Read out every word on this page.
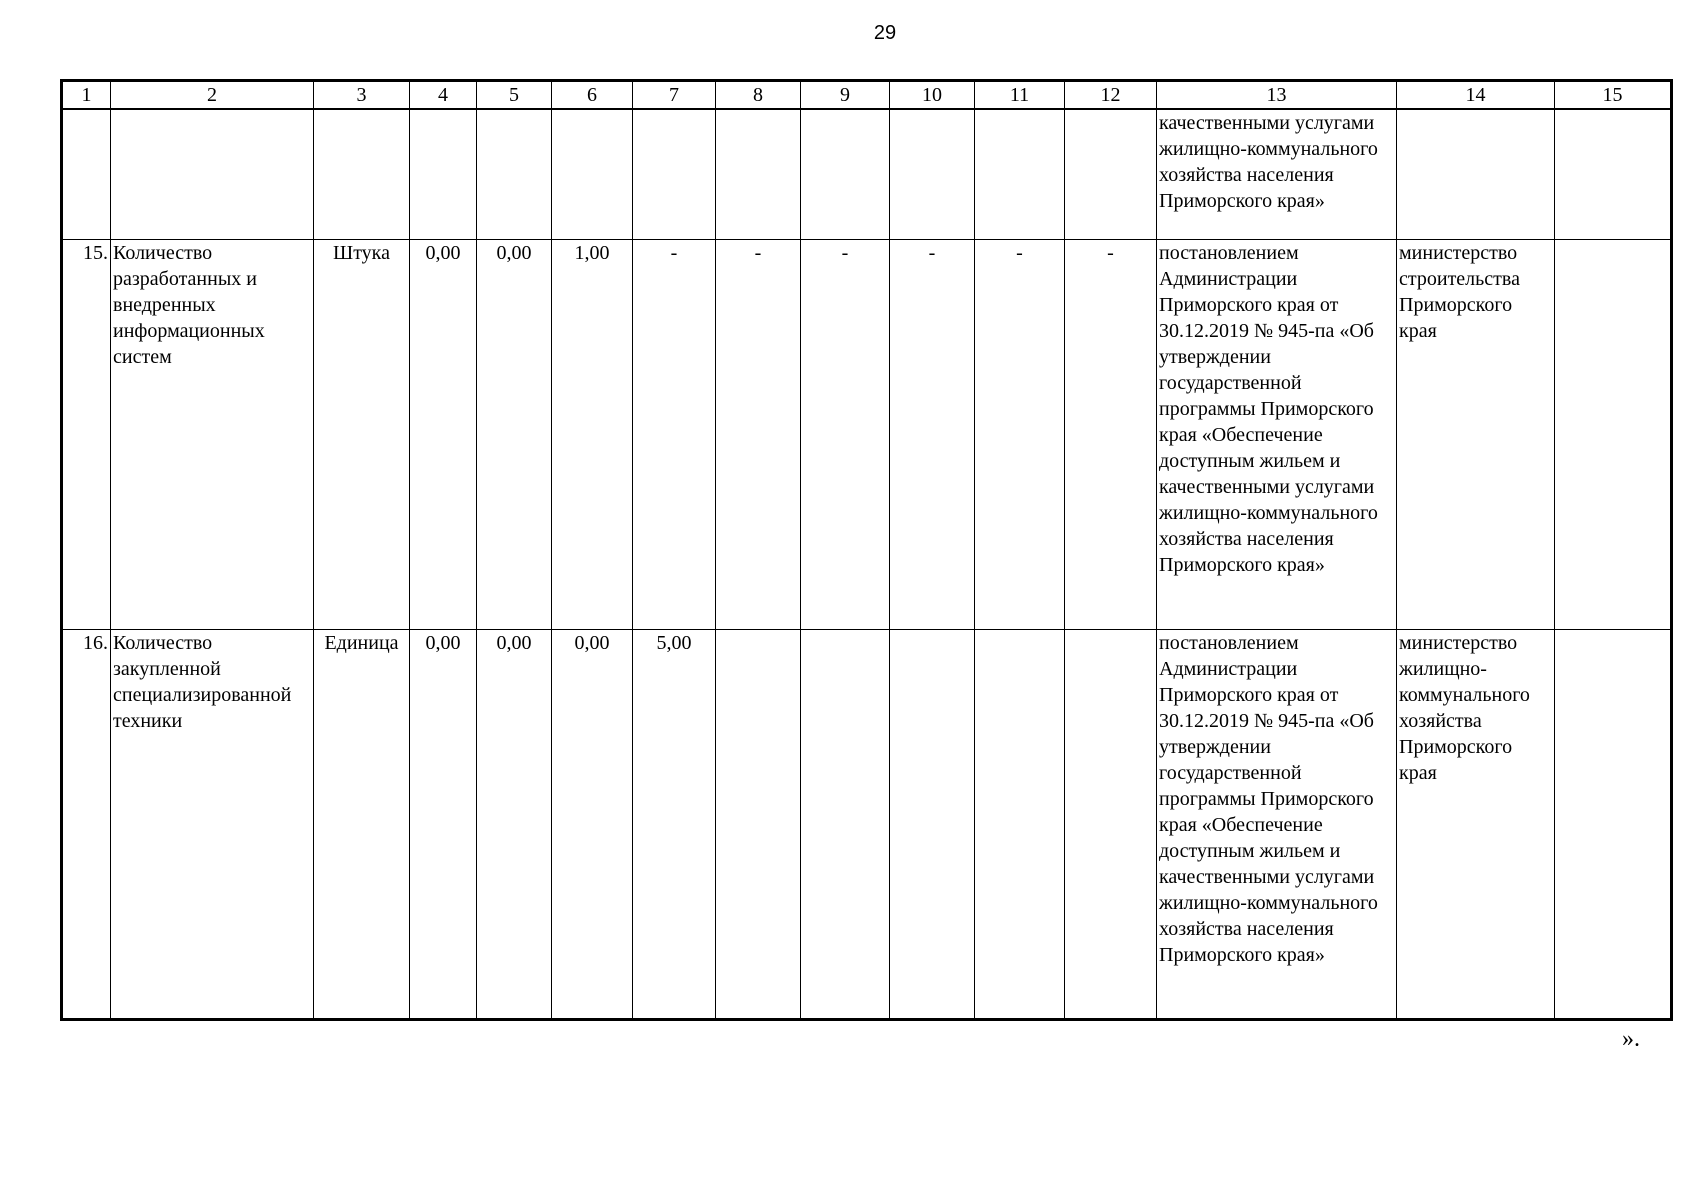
29
1	2	3	4	5	6	7	8	9	10	11	12	13	14	15
												качественными услугами жилищно-коммунального хозяйства населения Приморского края»		
15.	Количество разработанных и внедренных информационных систем	Штука	0,00	0,00	1,00	-	-	-	-	-	-	постановлением Администрации Приморского края от 30.12.2019 № 945-па «Об утверждении государственной программы Приморского края «Обеспечение доступным жильем и качественными услугами жилищно-коммунального хозяйства населения Приморского края»	министерство строительства Приморского края	
16.	Количество закупленной специализированной техники	Единица	0,00	0,00	0,00	5,00						постановлением Администрации Приморского края от 30.12.2019 № 945-па «Об утверждении государственной программы Приморского края «Обеспечение доступным жильем и качественными услугами жилищно-коммунального хозяйства населения Приморского края»	министерство жилищно-коммунального хозяйства Приморского края	
».
